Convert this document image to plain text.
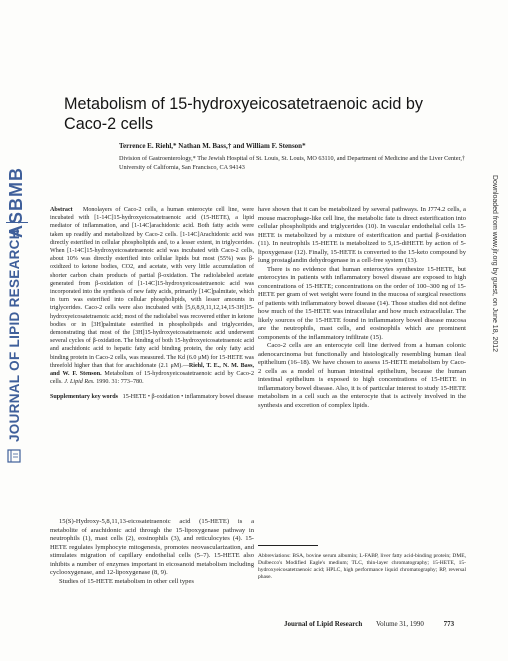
ASBMB
JOURNAL OF LIPID RESEARCH	Downloaded from www.jlr.org by guest, on June 18, 2012
Metabolism of 15-hydroxyeicosatetraenoic acid by Caco-2 cells
Terrence E. Riehl,* Nathan M. Bass,† and William F. Stenson*
Division of Gastroenterology,* The Jewish Hospital of St. Louis, St. Louis, MO 63110, and Department of Medicine and the Liver Center,† University of California, San Francisco, CA 94143

Abstract Monolayers of Caco-2 cells, a human enterocyte cell line, were incubated with [1-14C]15-hydroxyeicosatetraenoic acid (15-HETE), a lipid mediator of inflammation, and [1-14C]arachidonic acid. Both fatty acids were taken up readily and metabolized by Caco-2 cells. [1-14C]Arachidonic acid was directly esterified in cellular phospholipids and, to a lesser extent, in triglycerides. When [1-14C]15-hydroxyeicosatetraenoic acid was incubated with Caco-2 cells, about 10% was directly esterified into cellular lipids but most (55%) was β-oxidized to ketone bodies, CO2, and acetate, with very little accumulation of shorter carbon chain products of partial β-oxidation. The radiolabeled acetate generated from β-oxidation of [1-14C]15-hydroxyeicosatetraenoic acid was incorporated into the synthesis of new fatty acids, primarily [14C]palmitate, which in turn was esterified into cellular phospholipids, with lesser amounts in triglycerides. Caco-2 cells were also incubated with [5,6,8,9,11,12,14,15-3H]15-hydroxyeicosatetraenoic acid; most of the radiolabel was recovered either in ketone bodies or in [3H]palmitate esterified in phospholipids and triglycerides, demonstrating that most of the [3H]15-hydroxyeicosatetraenoic acid underwent several cycles of β-oxidation. The binding of both 15-hydroxyeicosatetraenoic acid and arachidonic acid to hepatic fatty acid binding protein, the only fatty acid binding protein in Caco-2 cells, was measured. The Kd (6.0 μM) for 15-HETE was threefold higher than that for arachidonate (2.1 μM).—Riehl, T. E., N. M. Bass, and W. F. Stenson. Metabolism of 15-hydroxyeicosatetraenoic acid by Caco-2 cells. J. Lipid Res. 1990. 31: 773–780.

Supplementary key words 15-HETE • β-oxidation • inflammatory bowel disease

15(S)-Hydroxy-5,8,11,13-eicosatetraenoic acid (15-HETE) is a metabolite of arachidonic acid through the 15-lipoxygenase pathway in neutrophils (1), mast cells (2), eosinophils (3), and reticulocytes (4). 15-HETE regulates lymphocyte mitogenesis, promotes neovascularization, and stimulates migration of capillary endothelial cells (5–7). 15-HETE also inhibits a number of enzymes important in eicosanoid metabolism including cyclooxygenase, and 12-lipoxygenase (8, 9).

Studies of 15-HETE metabolism in other cell types

have shown that it can be metabolized by several pathways. In J774.2 cells, a mouse macrophage-like cell line, the metabolic fate is direct esterification into cellular phospholipids and triglycerides (10). In vascular endothelial cells 15-HETE is metabolized by a mixture of esterification and partial β-oxidation (11). In neutrophils 15-HETE is metabolized to 5,15-diHETE by action of 5-lipoxygenase (12). Finally, 15-HETE is converted to the 15-keto compound by lung prostaglandin dehydrogenase in a cell-free system (13).

There is no evidence that human enterocytes synthesize 15-HETE, but enterocytes in patients with inflammatory bowel disease are exposed to high concentrations of 15-HETE; concentrations on the order of 100–300 ng of 15-HETE per gram of wet weight were found in the mucosa of surgical resections of patients with inflammatory bowel disease (14). Those studies did not define how much of the 15-HETE was intracellular and how much extracellular. The likely sources of the 15-HETE found in inflammatory bowel disease mucosa are the neutrophils, mast cells, and eosinophils which are prominent components of the inflammatory infiltrate (15).

Caco-2 cells are an enterocyte cell line derived from a human colonic adenocarcinoma but functionally and histologically resembling human ileal epithelium (16–18). We have chosen to assess 15-HETE metabolism by Caco-2 cells as a model of human intestinal epithelium, because the human intestinal epithelium is exposed to high concentrations of 15-HETE in inflammatory bowel disease. Also, it is of particular interest to study 15-HETE metabolism in a cell such as the enterocyte that is actively involved in the synthesis and excretion of complex lipids.

Abbreviations: BSA, bovine serum albumin; L-FABP, liver fatty acid-binding protein; DME, Dulbecco's Modified Eagle's medium; TLC, thin-layer chromatography; 15-HETE, 15-hydroxyeicosatetraenoic acid; HPLC, high performance liquid chromatography; RP, reversal phase.
Journal of Lipid Research Volume 31, 1990	773
